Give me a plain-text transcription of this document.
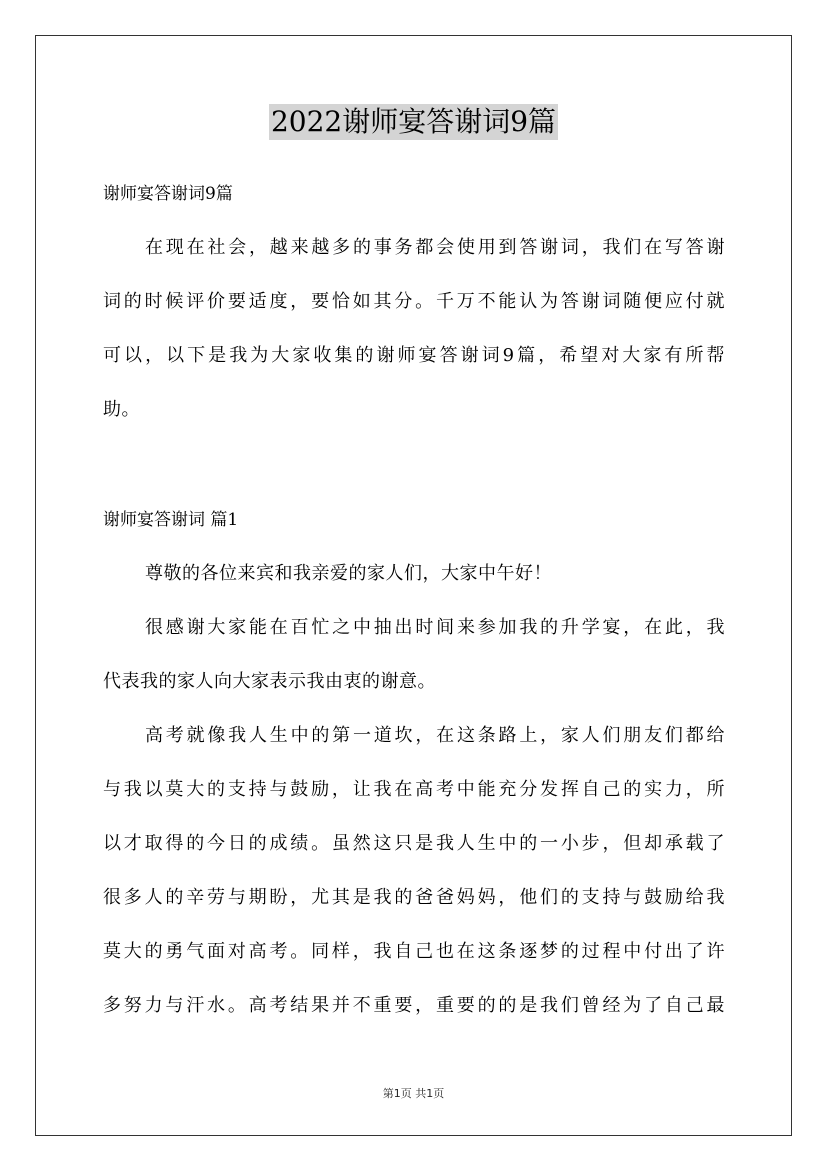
2022谢师宴答谢词9篇
谢师宴答谢词9篇
在现在社会，越来越多的事务都会使用到答谢词，我们在写答谢
词的时候评价要适度，要恰如其分。千万不能认为答谢词随便应付就
可以，以下是我为大家收集的谢师宴答谢词9篇，希望对大家有所帮
助。
谢师宴答谢词 篇1
尊敬的各位来宾和我亲爱的家人们，大家中午好！
很感谢大家能在百忙之中抽出时间来参加我的升学宴，在此，我
代表我的家人向大家表示我由衷的谢意。
高考就像我人生中的第一道坎，在这条路上，家人们朋友们都给
与我以莫大的支持与鼓励，让我在高考中能充分发挥自己的实力，所
以才取得的今日的成绩。虽然这只是我人生中的一小步，但却承载了
很多人的辛劳与期盼，尤其是我的爸爸妈妈，他们的支持与鼓励给我
莫大的勇气面对高考。同样，我自己也在这条逐梦的过程中付出了许
多努力与汗水。高考结果并不重要，重要的的是我们曾经为了自己最
第1页 共1页
